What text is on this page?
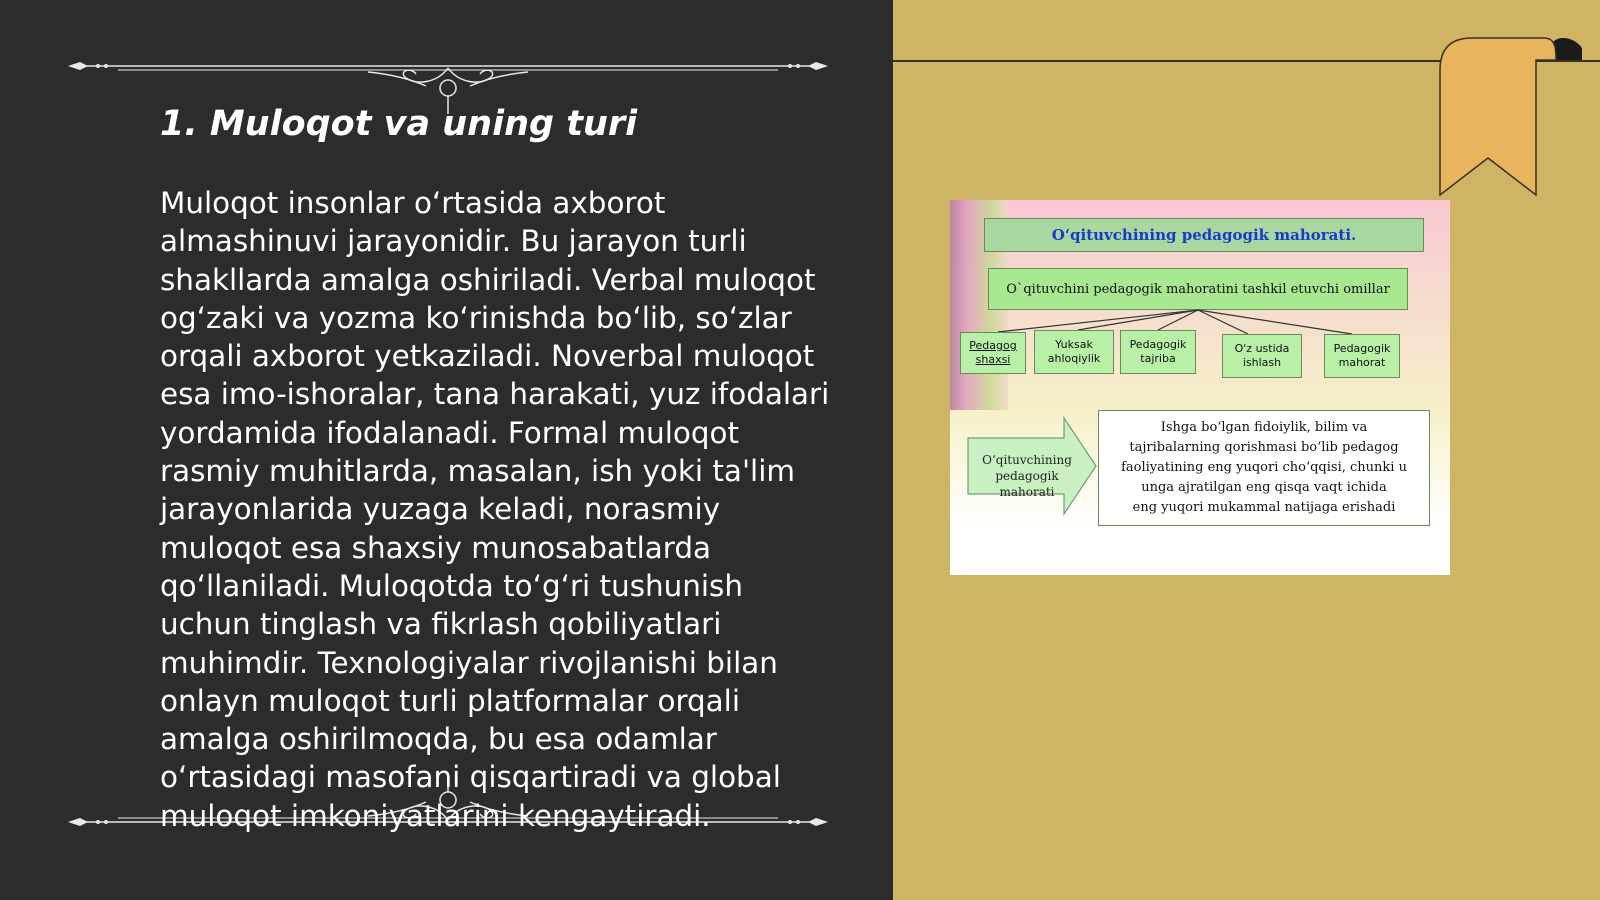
1. Muloqot va uning turi

Muloqot insonlar oʻrtasida axborot almashinuvi jarayonidir. Bu jarayon turli shakllarda amalga oshiriladi. Verbal muloqot ogʻzaki va yozma koʻrinishda boʻlib, soʻzlar orqali axborot yetkaziladi. Noverbal muloqot esa imo-ishoralar, tana harakati, yuz ifodalari yordamida ifodalanadi. Formal muloqot rasmiy muhitlarda, masalan, ish yoki ta'lim jarayonlarida yuzaga keladi, norasmiy muloqot esa shaxsiy munosabatlarda qoʻllaniladi. Muloqotda toʻgʻri tushunish uchun tinglash va fikrlash qobiliyatlari muhimdir. Texnologiyalar rivojlanishi bilan onlayn muloqot turli platformalar orqali amalga oshirilmoqda, bu esa odamlar oʻrtasidagi masofani qisqartiradi va global muloqot imkoniyatlarini kengaytiradi.

O‘qituvchining pedagogik mahorati.
O`qituvchini pedagogik mahoratini tashkil etuvchi omillar
Pedagog shaxsi
Yuksak ahloqiylik
Pedagogik tajriba
O'z ustida ishlash
Pedagogik mahorat
O‘qituvchining pedagogik mahorati
Ishga bo‘lgan fidoiylik, bilim va
tajribalarning qorishmasi bo‘lib pedagog
faoliyatining eng yuqori cho‘qqisi, chunki u
unga ajratilgan eng qisqa vaqt ichida
eng yuqori mukammal natijaga erishadi
